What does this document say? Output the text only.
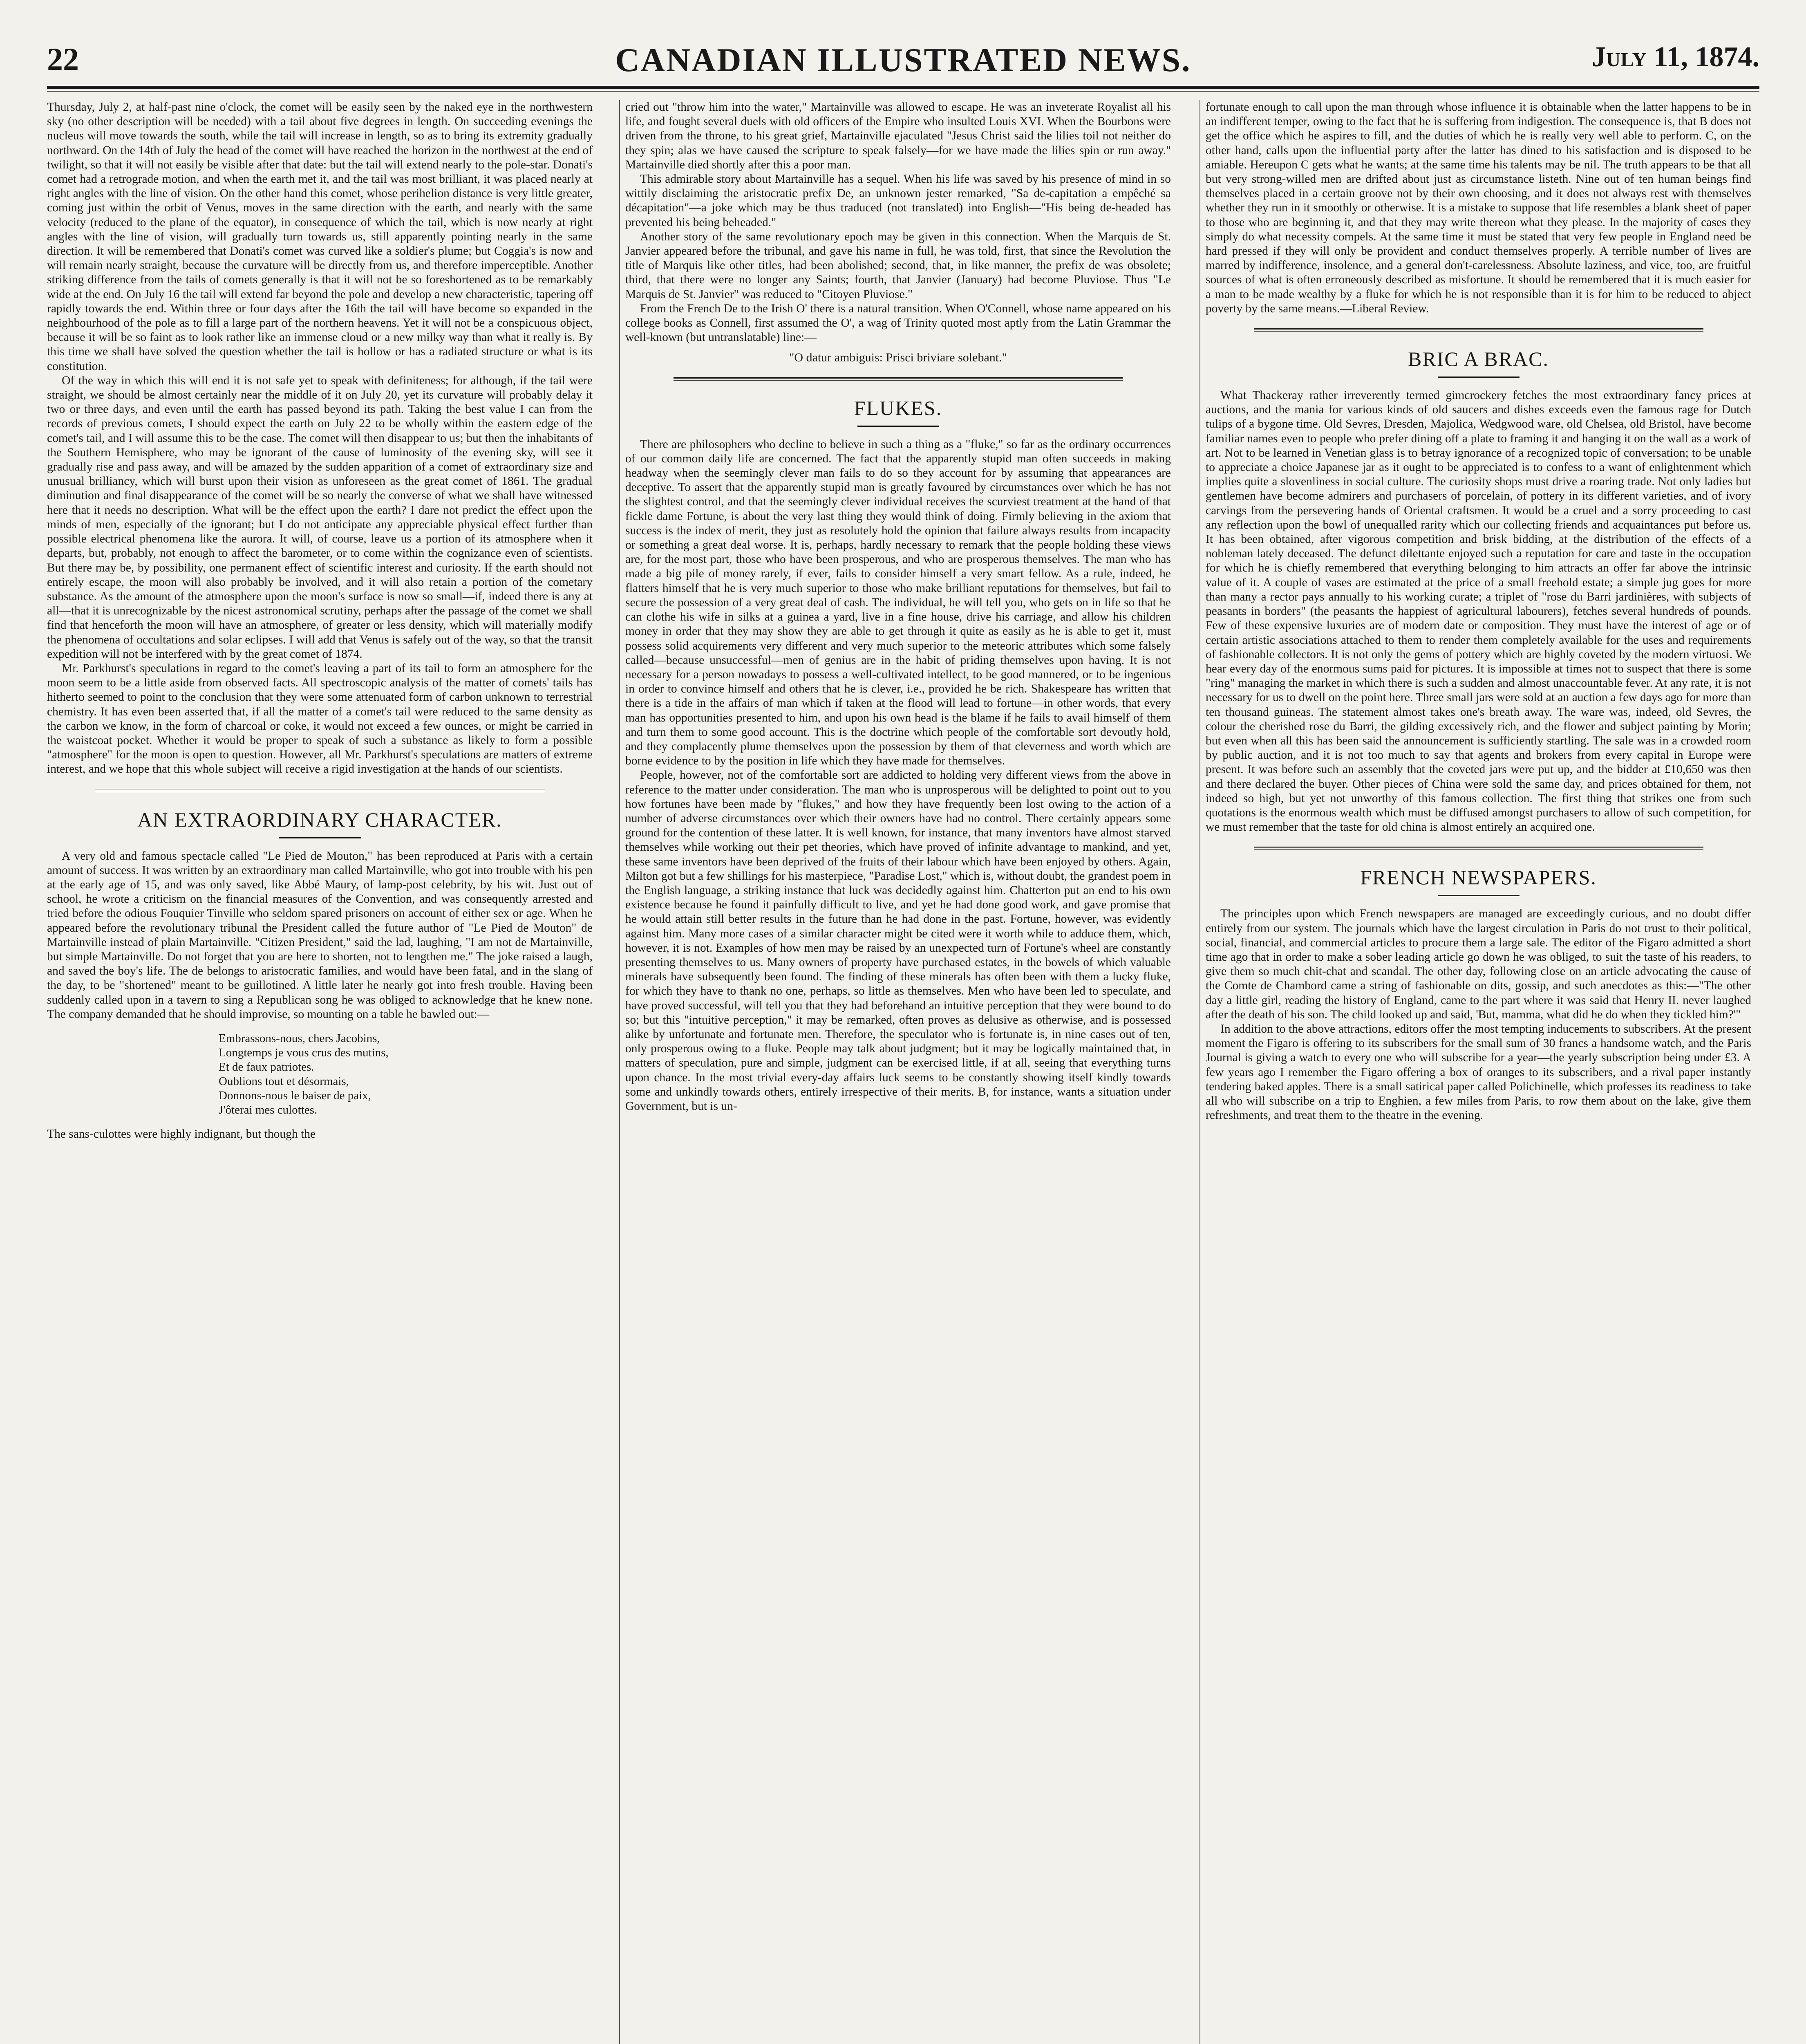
22	CANADIAN ILLUSTRATED NEWS.	July 11, 1874.

Thursday, July 2, at half-past nine o'clock, the comet will be easily seen by the naked eye in the northwestern sky (no other description will be needed) with a tail about five degrees in length. On succeeding evenings the nucleus will move towards the south, while the tail will increase in length, so as to bring its extremity gradually northward. On the 14th of July the head of the comet will have reached the horizon in the northwest at the end of twilight, so that it will not easily be visible after that date: but the tail will extend nearly to the pole-star. Donati's comet had a retrograde motion, and when the earth met it, and the tail was most brilliant, it was placed nearly at right angles with the line of vision. On the other hand this comet, whose perihelion distance is very little greater, coming just within the orbit of Venus, moves in the same direction with the earth, and nearly with the same velocity (reduced to the plane of the equator), in consequence of which the tail, which is now nearly at right angles with the line of vision, will gradually turn towards us, still apparently pointing nearly in the same direction. It will be remembered that Donati's comet was curved like a soldier's plume; but Coggia's is now and will remain nearly straight, because the curvature will be directly from us, and therefore imperceptible. Another striking difference from the tails of comets generally is that it will not be so foreshortened as to be remarkably wide at the end. On July 16 the tail will extend far beyond the pole and develop a new characteristic, tapering off rapidly towards the end. Within three or four days after the 16th the tail will have become so expanded in the neighbourhood of the pole as to fill a large part of the northern heavens. Yet it will not be a conspicuous object, because it will be so faint as to look rather like an immense cloud or a new milky way than what it really is. By this time we shall have solved the question whether the tail is hollow or has a radiated structure or what is its constitution.

Of the way in which this will end it is not safe yet to speak with definiteness; for although, if the tail were straight, we should be almost certainly near the middle of it on July 20, yet its curvature will probably delay it two or three days, and even until the earth has passed beyond its path. Taking the best value I can from the records of previous comets, I should expect the earth on July 22 to be wholly within the eastern edge of the comet's tail, and I will assume this to be the case. The comet will then disappear to us; but then the inhabitants of the Southern Hemisphere, who may be ignorant of the cause of luminosity of the evening sky, will see it gradually rise and pass away, and will be amazed by the sudden apparition of a comet of extraordinary size and unusual brilliancy, which will burst upon their vision as unforeseen as the great comet of 1861. The gradual diminution and final disappearance of the comet will be so nearly the converse of what we shall have witnessed here that it needs no description. What will be the effect upon the earth? I dare not predict the effect upon the minds of men, especially of the ignorant; but I do not anticipate any appreciable physical effect further than possible electrical phenomena like the aurora. It will, of course, leave us a portion of its atmosphere when it departs, but, probably, not enough to affect the barometer, or to come within the cognizance even of scientists. But there may be, by possibility, one permanent effect of scientific interest and curiosity. If the earth should not entirely escape, the moon will also probably be involved, and it will also retain a portion of the cometary substance. As the amount of the atmosphere upon the moon's surface is now so small—if, indeed there is any at all—that it is unrecognizable by the nicest astronomical scrutiny, perhaps after the passage of the comet we shall find that henceforth the moon will have an atmosphere, of greater or less density, which will materially modify the phenomena of occultations and solar eclipses. I will add that Venus is safely out of the way, so that the transit expedition will not be interfered with by the great comet of 1874.

Mr. Parkhurst's speculations in regard to the comet's leaving a part of its tail to form an atmosphere for the moon seem to be a little aside from observed facts. All spectroscopic analysis of the matter of comets' tails has hitherto seemed to point to the conclusion that they were some attenuated form of carbon unknown to terrestrial chemistry. It has even been asserted that, if all the matter of a comet's tail were reduced to the same density as the carbon we know, in the form of charcoal or coke, it would not exceed a few ounces, or might be carried in the waistcoat pocket. Whether it would be proper to speak of such a substance as likely to form a possible "atmosphere" for the moon is open to question. However, all Mr. Parkhurst's speculations are matters of extreme interest, and we hope that this whole subject will receive a rigid investigation at the hands of our scientists.

AN EXTRAORDINARY CHARACTER.

A very old and famous spectacle called "Le Pied de Mouton," has been reproduced at Paris with a certain amount of success. It was written by an extraordinary man called Martainville, who got into trouble with his pen at the early age of 15, and was only saved, like Abbé Maury, of lamp-post celebrity, by his wit. Just out of school, he wrote a criticism on the financial measures of the Convention, and was consequently arrested and tried before the odious Fouquier Tinville who seldom spared prisoners on account of either sex or age. When he appeared before the revolutionary tribunal the President called the future author of "Le Pied de Mouton" de Martainville instead of plain Martainville. "Citizen President," said the lad, laughing, "I am not de Martainville, but simple Martainville. Do not forget that you are here to shorten, not to lengthen me." The joke raised a laugh, and saved the boy's life. The de belongs to aristocratic families, and would have been fatal, and in the slang of the day, to be "shortened" meant to be guillotined. A little later he nearly got into fresh trouble. Having been suddenly called upon in a tavern to sing a Republican song he was obliged to acknowledge that he knew none. The company demanded that he should improvise, so mounting on a table he bawled out:—

Embrassons-nous, chers Jacobins,
Longtemps je vous crus des mutins,
Et de faux patriotes.
Oublions tout et désormais,
Donnons-nous le baiser de paix,
J'ôterai mes culottes.

The sans-culottes were highly indignant, but though the

cried out "throw him into the water," Martainville was allowed to escape. He was an inveterate Royalist all his life, and fought several duels with old officers of the Empire who insulted Louis XVI. When the Bourbons were driven from the throne, to his great grief, Martainville ejaculated "Jesus Christ said the lilies toil not neither do they spin; alas we have caused the scripture to speak falsely—for we have made the lilies spin or run away." Martainville died shortly after this a poor man.

This admirable story about Martainville has a sequel. When his life was saved by his presence of mind in so wittily disclaiming the aristocratic prefix De, an unknown jester remarked, "Sa de-capitation a empêché sa décapitation"—a joke which may be thus traduced (not translated) into English—"His being de-headed has prevented his being beheaded."

Another story of the same revolutionary epoch may be given in this connection. When the Marquis de St. Janvier appeared before the tribunal, and gave his name in full, he was told, first, that since the Revolution the title of Marquis like other titles, had been abolished; second, that, in like manner, the prefix de was obsolete; third, that there were no longer any Saints; fourth, that Janvier (January) had become Pluviose. Thus "Le Marquis de St. Janvier" was reduced to "Citoyen Pluviose."

From the French De to the Irish O' there is a natural transition. When O'Connell, whose name appeared on his college books as Connell, first assumed the O', a wag of Trinity quoted most aptly from the Latin Grammar the well-known (but untranslatable) line:—

"O datur ambiguis: Prisci briviare solebant."
FLUKES.

There are philosophers who decline to believe in such a thing as a "fluke," so far as the ordinary occurrences of our common daily life are concerned. The fact that the apparently stupid man often succeeds in making headway when the seemingly clever man fails to do so they account for by assuming that appearances are deceptive. To assert that the apparently stupid man is greatly favoured by circumstances over which he has not the slightest control, and that the seemingly clever individual receives the scurviest treatment at the hand of that fickle dame Fortune, is about the very last thing they would think of doing. Firmly believing in the axiom that success is the index of merit, they just as resolutely hold the opinion that failure always results from incapacity or something a great deal worse. It is, perhaps, hardly necessary to remark that the people holding these views are, for the most part, those who have been prosperous, and who are prosperous themselves. The man who has made a big pile of money rarely, if ever, fails to consider himself a very smart fellow. As a rule, indeed, he flatters himself that he is very much superior to those who make brilliant reputations for themselves, but fail to secure the possession of a very great deal of cash. The individual, he will tell you, who gets on in life so that he can clothe his wife in silks at a guinea a yard, live in a fine house, drive his carriage, and allow his children money in order that they may show they are able to get through it quite as easily as he is able to get it, must possess solid acquirements very different and very much superior to the meteoric attributes which some falsely called—because unsuccessful—men of genius are in the habit of priding themselves upon having. It is not necessary for a person nowadays to possess a well-cultivated intellect, to be good mannered, or to be ingenious in order to convince himself and others that he is clever, i.e., provided he be rich. Shakespeare has written that there is a tide in the affairs of man which if taken at the flood will lead to fortune—in other words, that every man has opportunities presented to him, and upon his own head is the blame if he fails to avail himself of them and turn them to some good account. This is the doctrine which people of the comfortable sort devoutly hold, and they complacently plume themselves upon the possession by them of that cleverness and worth which are borne evidence to by the position in life which they have made for themselves.

People, however, not of the comfortable sort are addicted to holding very different views from the above in reference to the matter under consideration. The man who is unprosperous will be delighted to point out to you how fortunes have been made by "flukes," and how they have frequently been lost owing to the action of a number of adverse circumstances over which their owners have had no control. There certainly appears some ground for the contention of these latter. It is well known, for instance, that many inventors have almost starved themselves while working out their pet theories, which have proved of infinite advantage to mankind, and yet, these same inventors have been deprived of the fruits of their labour which have been enjoyed by others. Again, Milton got but a few shillings for his masterpiece, "Paradise Lost," which is, without doubt, the grandest poem in the English language, a striking instance that luck was decidedly against him. Chatterton put an end to his own existence because he found it painfully difficult to live, and yet he had done good work, and gave promise that he would attain still better results in the future than he had done in the past. Fortune, however, was evidently against him. Many more cases of a similar character might be cited were it worth while to adduce them, which, however, it is not. Examples of how men may be raised by an unexpected turn of Fortune's wheel are constantly presenting themselves to us. Many owners of property have purchased estates, in the bowels of which valuable minerals have subsequently been found. The finding of these minerals has often been with them a lucky fluke, for which they have to thank no one, perhaps, so little as themselves. Men who have been led to speculate, and have proved successful, will tell you that they had beforehand an intuitive perception that they were bound to do so; but this "intuitive perception," it may be remarked, often proves as delusive as otherwise, and is possessed alike by unfortunate and fortunate men. Therefore, the speculator who is fortunate is, in nine cases out of ten, only prosperous owing to a fluke. People may talk about judgment; but it may be logically maintained that, in matters of speculation, pure and simple, judgment can be exercised little, if at all, seeing that everything turns upon chance. In the most trivial every-day affairs luck seems to be constantly showing itself kindly towards some and unkindly towards others, entirely irrespective of their merits. B, for instance, wants a situation under Government, but is un-

fortunate enough to call upon the man through whose influence it is obtainable when the latter happens to be in an indifferent temper, owing to the fact that he is suffering from indigestion. The consequence is, that B does not get the office which he aspires to fill, and the duties of which he is really very well able to perform. C, on the other hand, calls upon the influential party after the latter has dined to his satisfaction and is disposed to be amiable. Hereupon C gets what he wants; at the same time his talents may be nil. The truth appears to be that all but very strong-willed men are drifted about just as circumstance listeth. Nine out of ten human beings find themselves placed in a certain groove not by their own choosing, and it does not always rest with themselves whether they run in it smoothly or otherwise. It is a mistake to suppose that life resembles a blank sheet of paper to those who are beginning it, and that they may write thereon what they please. In the majority of cases they simply do what necessity compels. At the same time it must be stated that very few people in England need be hard pressed if they will only be provident and conduct themselves properly. A terrible number of lives are marred by indifference, insolence, and a general don't-carelessness. Absolute laziness, and vice, too, are fruitful sources of what is often erroneously described as misfortune. It should be remembered that it is much easier for a man to be made wealthy by a fluke for which he is not responsible than it is for him to be reduced to abject poverty by the same means.—Liberal Review.

BRIC A BRAC.

What Thackeray rather irreverently termed gimcrockery fetches the most extraordinary fancy prices at auctions, and the mania for various kinds of old saucers and dishes exceeds even the famous rage for Dutch tulips of a bygone time. Old Sevres, Dresden, Majolica, Wedgwood ware, old Chelsea, old Bristol, have become familiar names even to people who prefer dining off a plate to framing it and hanging it on the wall as a work of art. Not to be learned in Venetian glass is to betray ignorance of a recognized topic of conversation; to be unable to appreciate a choice Japanese jar as it ought to be appreciated is to confess to a want of enlightenment which implies quite a slovenliness in social culture. The curiosity shops must drive a roaring trade. Not only ladies but gentlemen have become admirers and purchasers of porcelain, of pottery in its different varieties, and of ivory carvings from the persevering hands of Oriental craftsmen. It would be a cruel and a sorry proceeding to cast any reflection upon the bowl of unequalled rarity which our collecting friends and acquaintances put before us. It has been obtained, after vigorous competition and brisk bidding, at the distribution of the effects of a nobleman lately deceased. The defunct dilettante enjoyed such a reputation for care and taste in the occupation for which he is chiefly remembered that everything belonging to him attracts an offer far above the intrinsic value of it. A couple of vases are estimated at the price of a small freehold estate; a simple jug goes for more than many a rector pays annually to his working curate; a triplet of "rose du Barri jardinières, with subjects of peasants in borders" (the peasants the happiest of agricultural labourers), fetches several hundreds of pounds. Few of these expensive luxuries are of modern date or composition. They must have the interest of age or of certain artistic associations attached to them to render them completely available for the uses and requirements of fashionable collectors. It is not only the gems of pottery which are highly coveted by the modern virtuosi. We hear every day of the enormous sums paid for pictures. It is impossible at times not to suspect that there is some "ring" managing the market in which there is such a sudden and almost unaccountable fever. At any rate, it is not necessary for us to dwell on the point here. Three small jars were sold at an auction a few days ago for more than ten thousand guineas. The statement almost takes one's breath away. The ware was, indeed, old Sevres, the colour the cherished rose du Barri, the gilding excessively rich, and the flower and subject painting by Morin; but even when all this has been said the announcement is sufficiently startling. The sale was in a crowded room by public auction, and it is not too much to say that agents and brokers from every capital in Europe were present. It was before such an assembly that the coveted jars were put up, and the bidder at £10,650 was then and there declared the buyer. Other pieces of China were sold the same day, and prices obtained for them, not indeed so high, but yet not unworthy of this famous collection. The first thing that strikes one from such quotations is the enormous wealth which must be diffused amongst purchasers to allow of such competition, for we must remember that the taste for old china is almost entirely an acquired one.

FRENCH NEWSPAPERS.

The principles upon which French newspapers are managed are exceedingly curious, and no doubt differ entirely from our system. The journals which have the largest circulation in Paris do not trust to their political, social, financial, and commercial articles to procure them a large sale. The editor of the Figaro admitted a short time ago that in order to make a sober leading article go down he was obliged, to suit the taste of his readers, to give them so much chit-chat and scandal. The other day, following close on an article advocating the cause of the Comte de Chambord came a string of fashionable on dits, gossip, and such anecdotes as this:—"The other day a little girl, reading the history of England, came to the part where it was said that Henry II. never laughed after the death of his son. The child looked up and said, 'But, mamma, what did he do when they tickled him?'"

In addition to the above attractions, editors offer the most tempting inducements to subscribers. At the present moment the Figaro is offering to its subscribers for the small sum of 30 francs a handsome watch, and the Paris Journal is giving a watch to every one who will subscribe for a year—the yearly subscription being under £3. A few years ago I remember the Figaro offering a box of oranges to its subscribers, and a rival paper instantly tendering baked apples. There is a small satirical paper called Polichinelle, which professes its readiness to take all who will subscribe on a trip to Enghien, a few miles from Paris, to row them about on the lake, give them refreshments, and treat them to the theatre in the evening.
